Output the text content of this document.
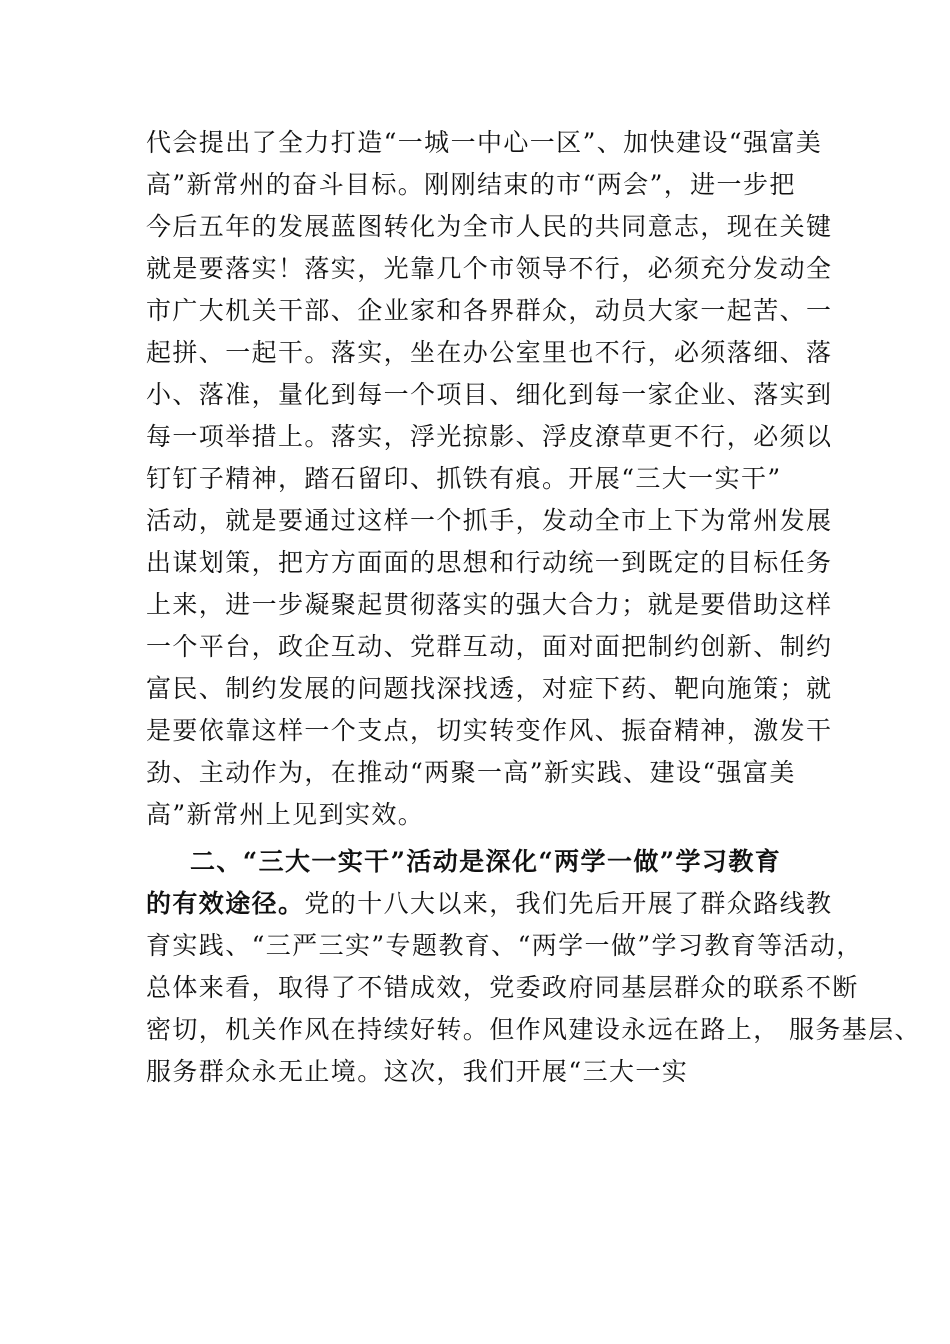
代会提出了全力打造“一城一中心一区”、加快建设“强富美
高”新常州的奋斗目标。刚刚结束的市“两会”，进一步把
今后五年的发展蓝图转化为全市人民的共同意志，现在关键
就是要落实！落实，光靠几个市领导不行，必须充分发动全
市广大机关干部、企业家和各界群众，动员大家一起苦、一
起拼、一起干。落实，坐在办公室里也不行，必须落细、落
小、落准，量化到每一个项目、细化到每一家企业、落实到
每一项举措上。落实，浮光掠影、浮皮潦草更不行，必须以
钉钉子精神，踏石留印、抓铁有痕。开展“三大一实干”
活动，就是要通过这样一个抓手，发动全市上下为常州发展
出谋划策，把方方面面的思想和行动统一到既定的目标任务
上来，进一步凝聚起贯彻落实的强大合力；就是要借助这样
一个平台，政企互动、党群互动，面对面把制约创新、制约
富民、制约发展的问题找深找透，对症下药、靶向施策；就
是要依靠这样一个支点，切实转变作风、振奋精神，激发干
劲、主动作为，在推动“两聚一高”新实践、建设“强富美
高”新常州上见到实效。
二、“三大一实干”活动是深化“两学一做”学习教育
的有效途径。党的十八大以来，我们先后开展了群众路线教
育实践、“三严三实”专题教育、“两学一做”学习教育等活动，
总体来看，取得了不错成效，党委政府同基层群众的联系不断
密切，机关作风在持续好转。但作风建设永远在路上， 服务基层、
服务群众永无止境。这次，我们开展“三大一实
